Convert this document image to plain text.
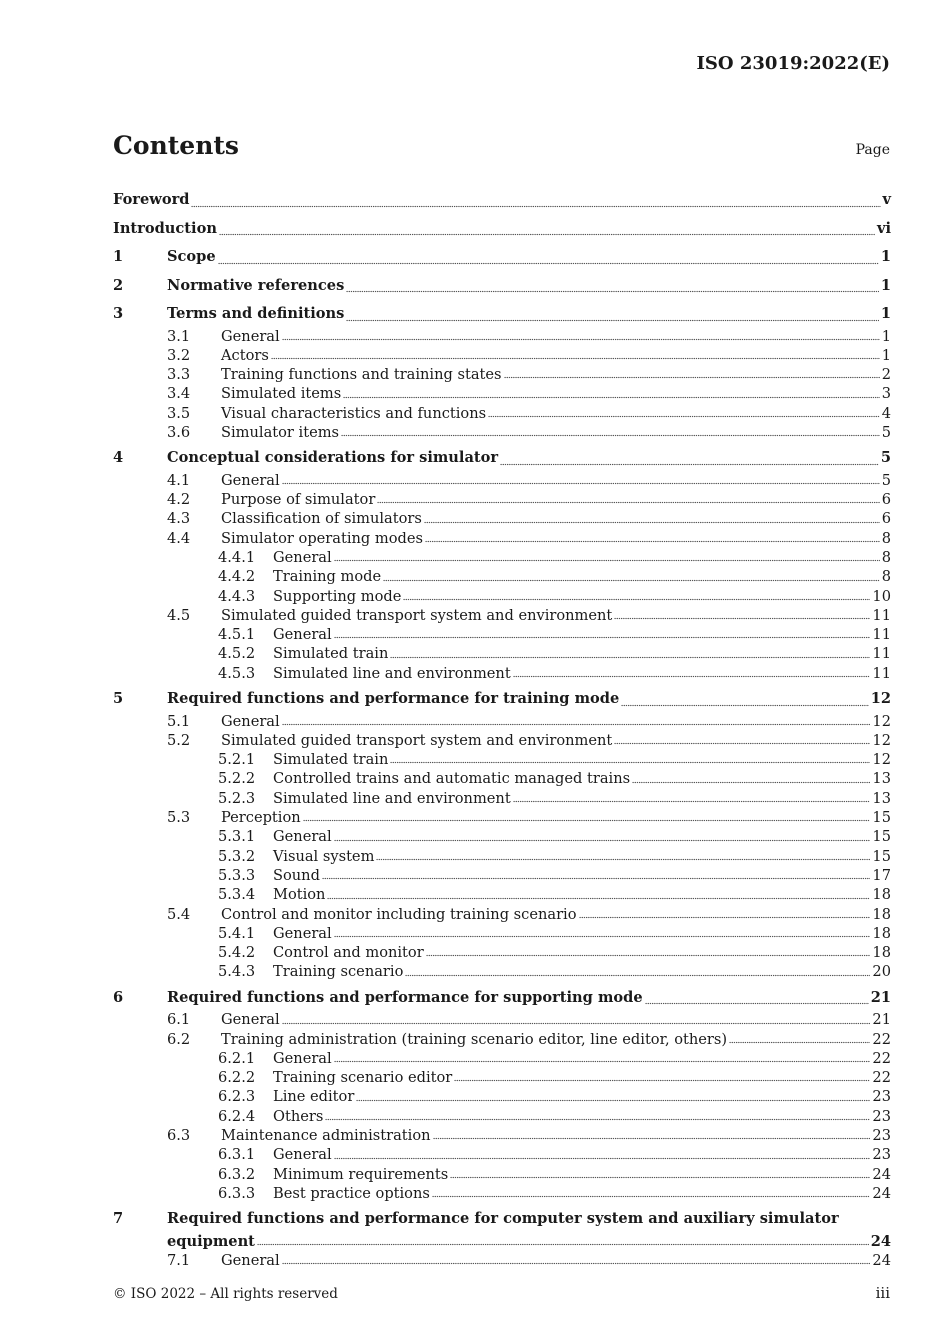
ISO 23019:2022(E)
Contents	Page
Foreword	v
Introduction	vi
1	Scope	1
2	Normative references	1
3	Terms and definitions	1
3.1	General	1
3.2	Actors	1
3.3	Training functions and training states	2
3.4	Simulated items	3
3.5	Visual characteristics and functions	4
3.6	Simulator items	5
4	Conceptual considerations for simulator	5
4.1	General	5
4.2	Purpose of simulator	6
4.3	Classification of simulators	6
4.4	Simulator operating modes	8
4.4.1	General	8
4.4.2	Training mode	8
4.4.3	Supporting mode	10
4.5	Simulated guided transport system and environment	11
4.5.1	General	11
4.5.2	Simulated train	11
4.5.3	Simulated line and environment	11
5	Required functions and performance for training mode	12
5.1	General	12
5.2	Simulated guided transport system and environment	12
5.2.1	Simulated train	12
5.2.2	Controlled trains and automatic managed trains	13
5.2.3	Simulated line and environment	13
5.3	Perception	15
5.3.1	General	15
5.3.2	Visual system	15
5.3.3	Sound	17
5.3.4	Motion	18
5.4	Control and monitor including training scenario	18
5.4.1	General	18
5.4.2	Control and monitor	18
5.4.3	Training scenario	20
6	Required functions and performance for supporting mode	21
6.1	General	21
6.2	Training administration (training scenario editor, line editor, others)	22
6.2.1	General	22
6.2.2	Training scenario editor	22
6.2.3	Line editor	23
6.2.4	Others	23
6.3	Maintenance administration	23
6.3.1	General	23
6.3.2	Minimum requirements	24
6.3.3	Best practice options	24
7	Required functions and performance for computer system and auxiliary simulator
equipment	24
7.1	General	24
© ISO 2022 – All rights reserved	iii
